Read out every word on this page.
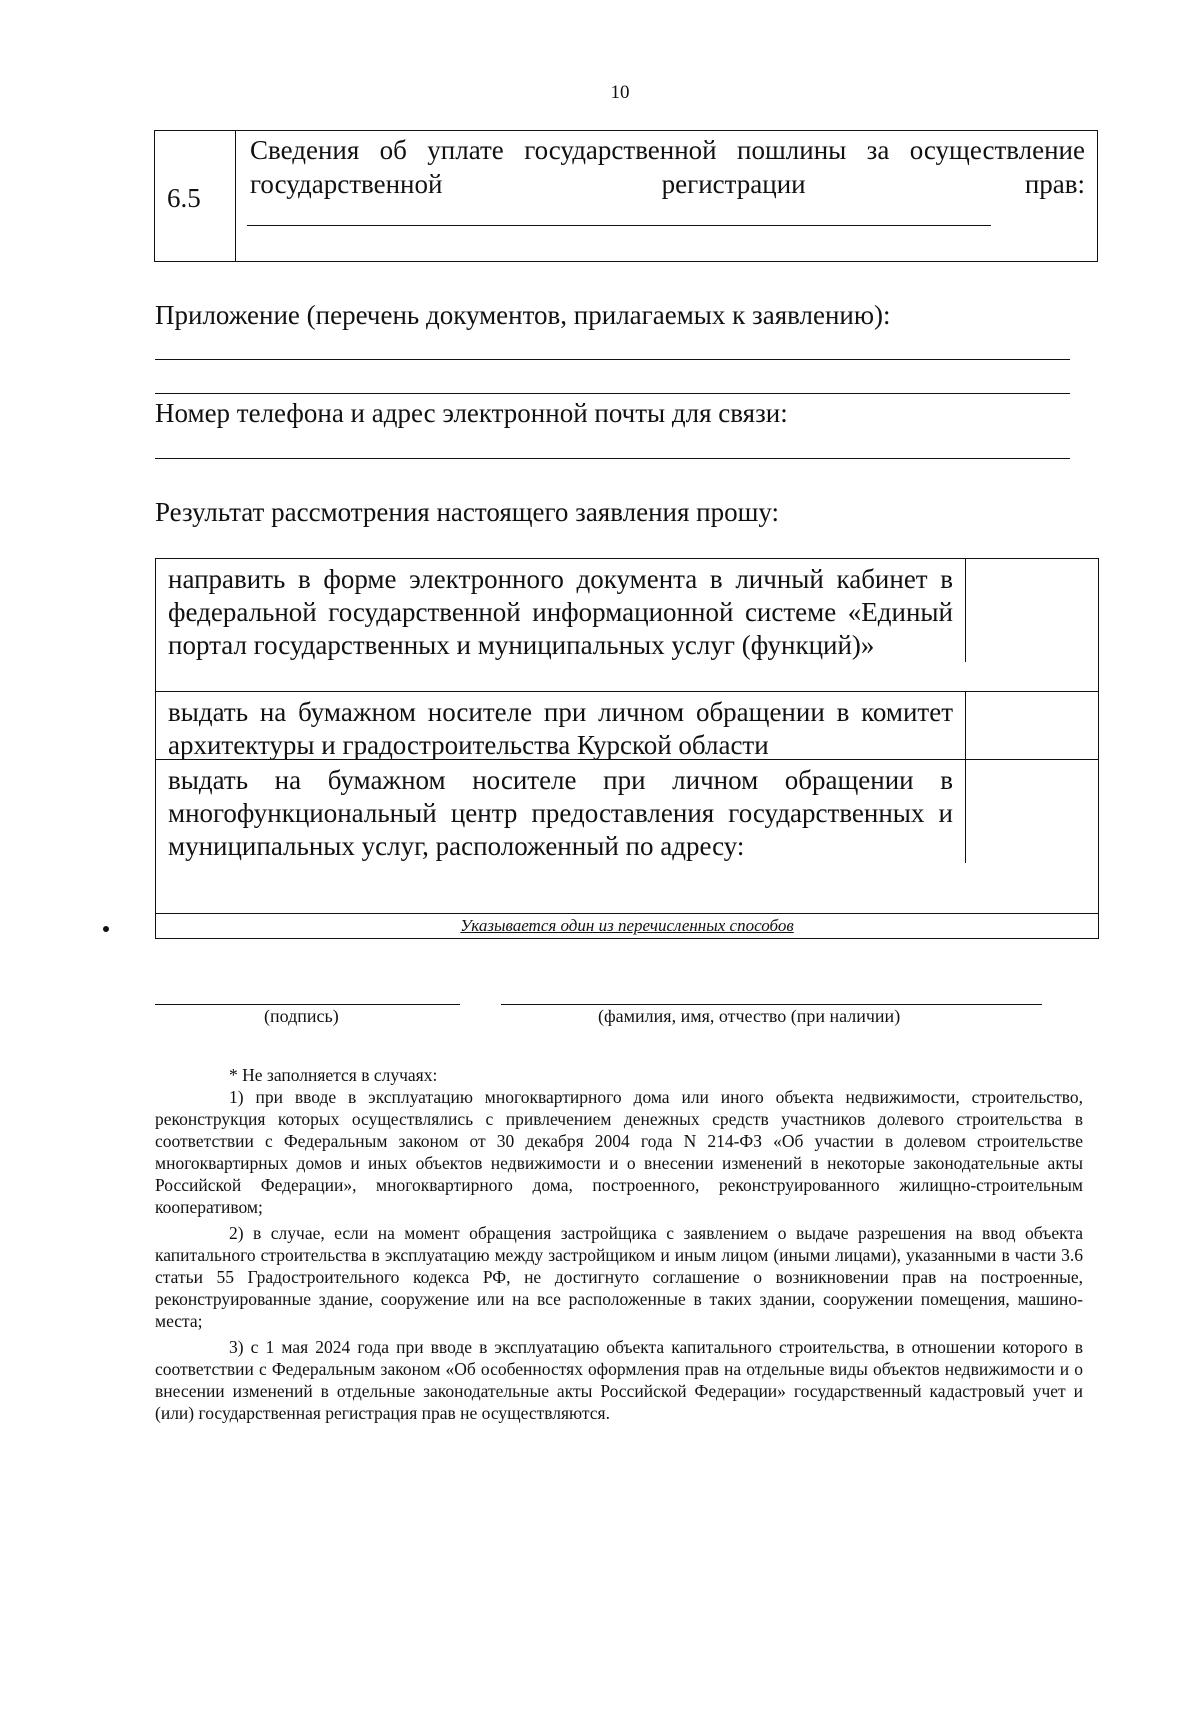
10
6.5
Сведения об уплате государственной пошлины за осуществление государственной регистрации прав:
Приложение (перечень документов, прилагаемых к заявлению):
Номер телефона и адрес электронной почты для связи:
Результат рассмотрения настоящего заявления прошу:
направить в форме электронного документа в личный кабинет в федеральной государственной информационной системе «Единый портал государственных и муниципальных услуг (функций)»
выдать на бумажном носителе при личном обращении в комитет архитектуры и градостроительства Курской области
выдать на бумажном носителе при личном обращении в многофункциональный центр предоставления государственных и муниципальных услуг, расположенный по адресу:
Указывается один из перечисленных способов
(подпись)	(фамилия, имя, отчество (при наличии)

* Не заполняется в случаях:

1) при вводе в эксплуатацию многоквартирного дома или иного объекта недвижимости, строительство, реконструкция которых осуществлялись с привлечением денежных средств участников долевого строительства в соответствии с Федеральным законом от 30 декабря 2004 года N 214-ФЗ «Об участии в долевом строительстве многоквартирных домов и иных объектов недвижимости и о внесении изменений в некоторые законодательные акты Российской Федерации», многоквартирного дома, построенного, реконструированного жилищно-строительным кооперативом;

2) в случае, если на момент обращения застройщика с заявлением о выдаче разрешения на ввод объекта капитального строительства в эксплуатацию между застройщиком и иным лицом (иными лицами), указанными в части 3.6 статьи 55 Градостроительного кодекса РФ, не достигнуто соглашение о возникновении прав на построенные, реконструированные здание, сооружение или на все расположенные в таких здании, сооружении помещения, машино-места;

3) с 1 мая 2024 года при вводе в эксплуатацию объекта капитального строительства, в отношении которого в соответствии с Федеральным законом «Об особенностях оформления прав на отдельные виды объектов недвижимости и о внесении изменений в отдельные законодательные акты Российской Федерации» государственный кадастровый учет и (или) государственная регистрация прав не осуществляются.
